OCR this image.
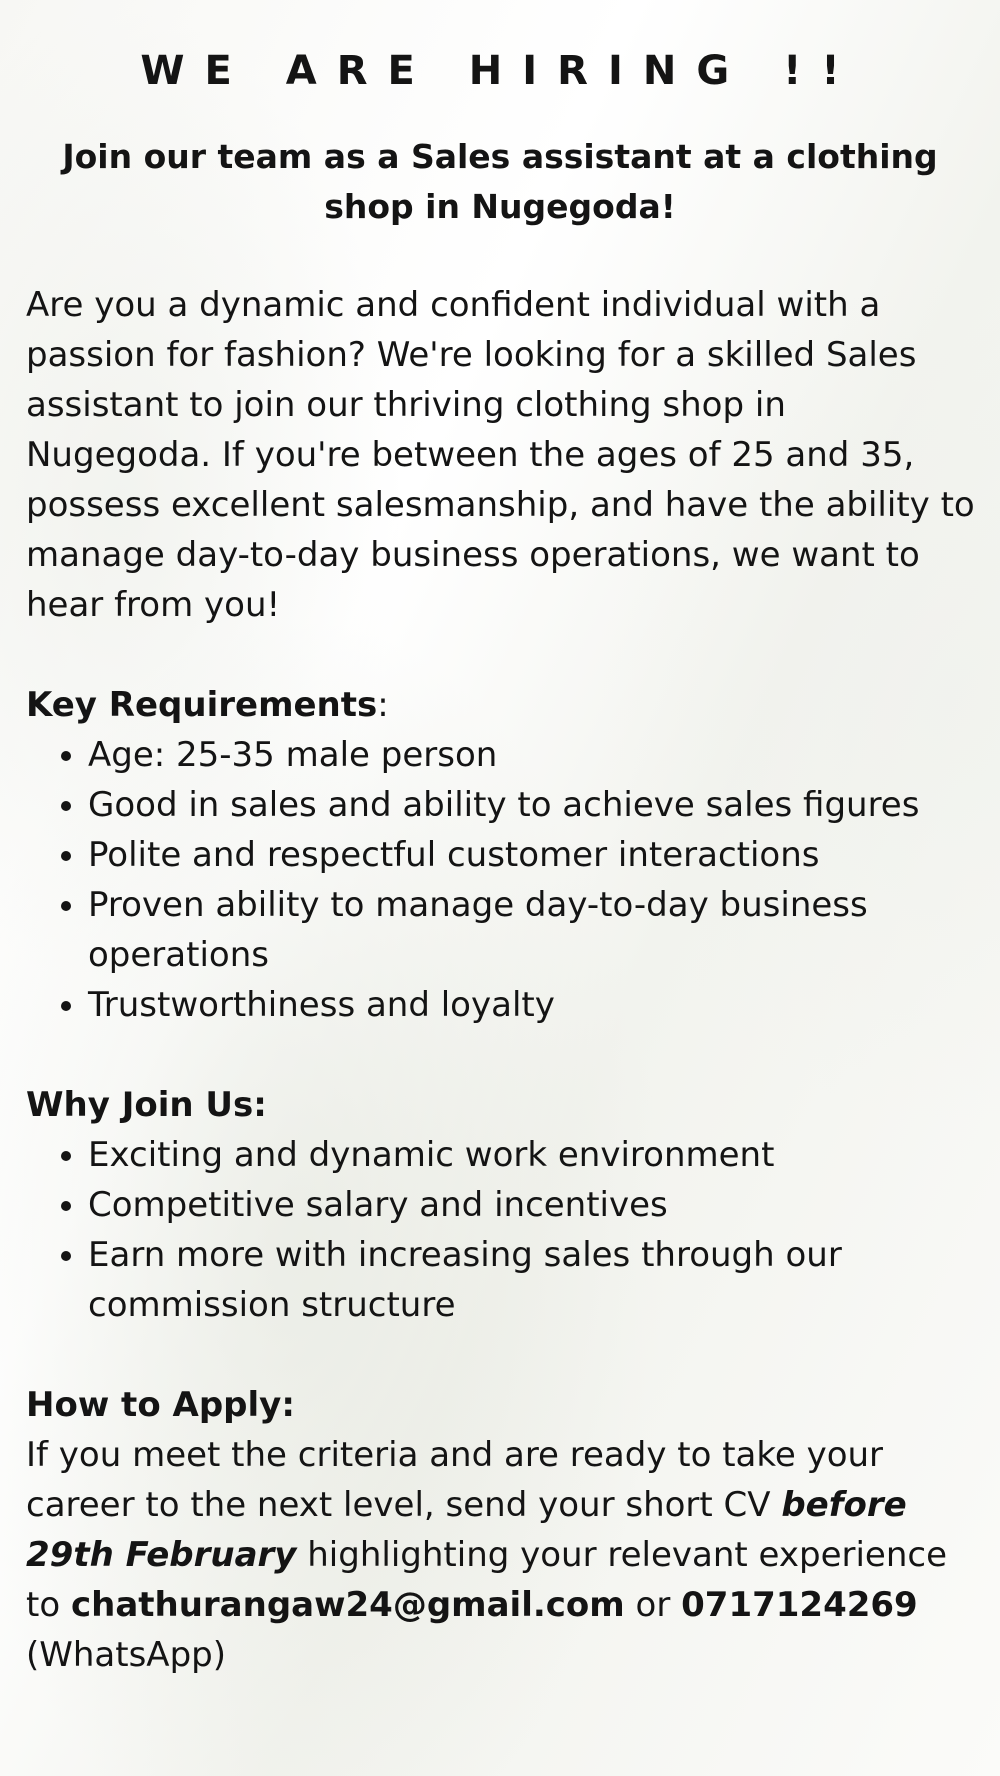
WE ARE HIRING !!
Join our team as a Sales assistant at a clothing shop in Nugegoda!

Are you a dynamic and confident individual with a passion for fashion? We're looking for a skilled Sales assistant to join our thriving clothing shop in Nugegoda. If you're between the ages of 25 and 35, possess excellent salesmanship, and have the ability to manage day-to-day business operations, we want to hear from you!

Key Requirements:

• Age: 25-35 male person
• Good in sales and ability to achieve sales figures
• Polite and respectful customer interactions
• Proven ability to manage day-to-day business operations
• Trustworthiness and loyalty

Why Join Us:

• Exciting and dynamic work environment
• Competitive salary and incentives
• Earn more with increasing sales through our commission structure

How to Apply:

If you meet the criteria and are ready to take your career to the next level, send your short CV before 29th February highlighting your relevant experience to chathurangaw24@gmail.com or 0717124269 (WhatsApp)
